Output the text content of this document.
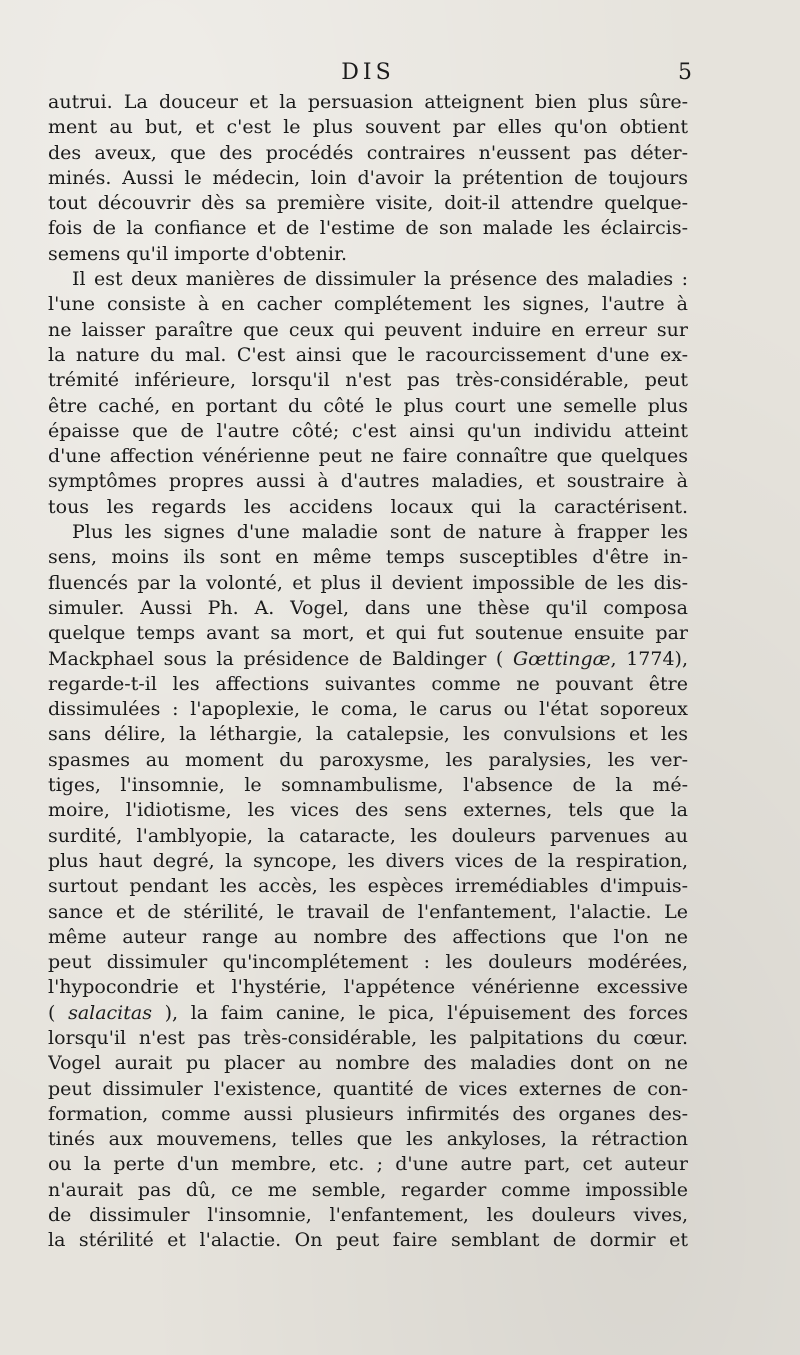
DIS	5
autrui. La douceur et la persuasion atteignent bien plus sûre-
ment au but, et c'est le plus souvent par elles qu'on obtient
des aveux, que des procédés contraires n'eussent pas déter-
minés. Aussi le médecin, loin d'avoir la prétention de toujours
tout découvrir dès sa première visite, doit-il attendre quelque-
fois de la confiance et de l'estime de son malade les éclaircis-
semens qu'il importe d'obtenir.
Il est deux manières de dissimuler la présence des maladies :
l'une consiste à en cacher complétement les signes, l'autre à
ne laisser paraître que ceux qui peuvent induire en erreur sur
la nature du mal. C'est ainsi que le racourcissement d'une ex-
trémité inférieure, lorsqu'il n'est pas très-considérable, peut
être caché, en portant du côté le plus court une semelle plus
épaisse que de l'autre côté; c'est ainsi qu'un individu atteint
d'une affection vénérienne peut ne faire connaître que quelques
symptômes propres aussi à d'autres maladies, et soustraire à
tous les regards les accidens locaux qui la caractérisent.
Plus les signes d'une maladie sont de nature à frapper les
sens, moins ils sont en même temps susceptibles d'être in-
fluencés par la volonté, et plus il devient impossible de les dis-
simuler. Aussi Ph. A. Vogel, dans une thèse qu'il composa
quelque temps avant sa mort, et qui fut soutenue ensuite par
Mackphael sous la présidence de Baldinger ( Gœttingæ, 1774),
regarde-t-il les affections suivantes comme ne pouvant être
dissimulées : l'apoplexie, le coma, le carus ou l'état soporeux
sans délire, la léthargie, la catalepsie, les convulsions et les
spasmes au moment du paroxysme, les paralysies, les ver-
tiges, l'insomnie, le somnambulisme, l'absence de la mé-
moire, l'idiotisme, les vices des sens externes, tels que la
surdité, l'amblyopie, la cataracte, les douleurs parvenues au
plus haut degré, la syncope, les divers vices de la respiration,
surtout pendant les accès, les espèces irremédiables d'impuis-
sance et de stérilité, le travail de l'enfantement, l'alactie. Le
même auteur range au nombre des affections que l'on ne
peut dissimuler qu'incomplétement : les douleurs modérées,
l'hypocondrie et l'hystérie, l'appétence vénérienne excessive
( salacitas ), la faim canine, le pica, l'épuisement des forces
lorsqu'il n'est pas très-considérable, les palpitations du cœur.
Vogel aurait pu placer au nombre des maladies dont on ne
peut dissimuler l'existence, quantité de vices externes de con-
formation, comme aussi plusieurs infirmités des organes des-
tinés aux mouvemens, telles que les ankyloses, la rétraction
ou la perte d'un membre, etc. ; d'une autre part, cet auteur
n'aurait pas dû, ce me semble, regarder comme impossible
de dissimuler l'insomnie, l'enfantement, les douleurs vives,
la stérilité et l'alactie. On peut faire semblant de dormir et
